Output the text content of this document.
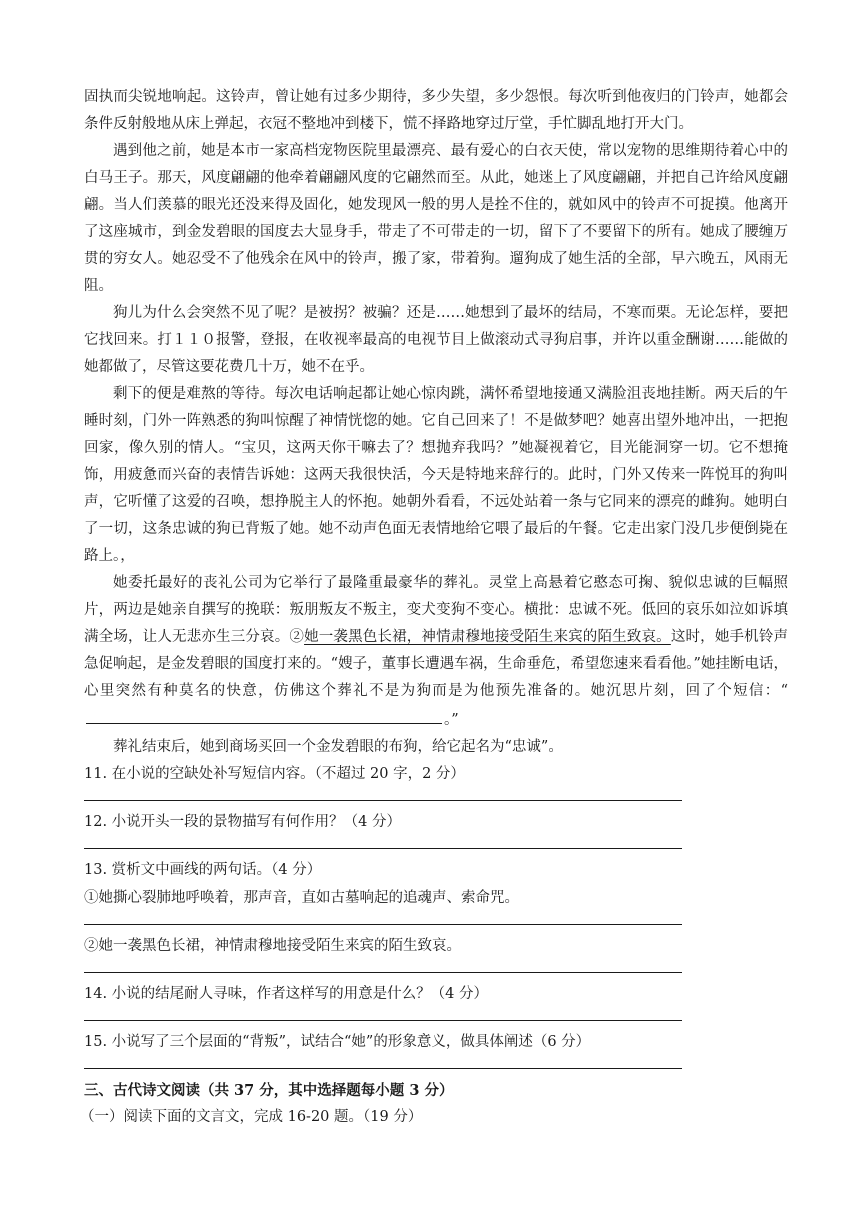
固执而尖锐地响起。这铃声，曾让她有过多少期待，多少失望，多少怨恨。每次听到他夜归的门铃声，她都会条件反射般地从床上弹起，衣冠不整地冲到楼下，慌不择路地穿过厅堂，手忙脚乱地打开大门。

遇到他之前，她是本市一家高档宠物医院里最漂亮、最有爱心的白衣天使，常以宠物的思维期待着心中的白马王子。那天，风度翩翩的他牵着翩翩风度的它翩然而至。从此，她迷上了风度翩翩，并把自己许给风度翩翩。当人们羡慕的眼光还没来得及固化，她发现风一般的男人是拴不住的，就如风中的铃声不可捉摸。他离开了这座城市，到金发碧眼的国度去大显身手，带走了不可带走的一切，留下了不要留下的所有。她成了腰缠万贯的穷女人。她忍受不了他残余在风中的铃声，搬了家，带着狗。遛狗成了她生活的全部，早六晚五，风雨无阻。

狗儿为什么会突然不见了呢？是被拐？被骗？还是……她想到了最坏的结局，不寒而栗。无论怎样，要把它找回来。打１１０报警，登报，在收视率最高的电视节目上做滚动式寻狗启事，并许以重金酬谢……能做的她都做了，尽管这要花费几十万，她不在乎。

剩下的便是难熬的等待。每次电话响起都让她心惊肉跳，满怀希望地接通又满脸沮丧地挂断。两天后的午睡时刻，门外一阵熟悉的狗叫惊醒了神情恍惚的她。它自己回来了！不是做梦吧？她喜出望外地冲出，一把抱回家，像久别的情人。“宝贝，这两天你干嘛去了？想抛弃我吗？”她凝视着它，目光能洞穿一切。它不想掩饰，用疲惫而兴奋的表情告诉她：这两天我很快活，今天是特地来辞行的。此时，门外又传来一阵悦耳的狗叫声，它听懂了这爱的召唤，想挣脱主人的怀抱。她朝外看看，不远处站着一条与它同来的漂亮的雌狗。她明白了一切，这条忠诚的狗已背叛了她。她不动声色面无表情地给它喂了最后的午餐。它走出家门没几步便倒毙在路上。，

她委托最好的丧礼公司为它举行了最隆重最豪华的葬礼。灵堂上高悬着它憨态可掬、貌似忠诚的巨幅照片，两边是她亲自撰写的挽联：叛朋叛友不叛主，变犬变狗不变心。横批：忠诚不死。低回的哀乐如泣如诉填满全场，让人无悲亦生三分哀。②她一袭黑色长裙，神情肃穆地接受陌生来宾的陌生致哀。这时，她手机铃声急促响起，是金发碧眼的国度打来的。“嫂子，董事长遭遇车祸，生命垂危，希望您速来看看他。”她挂断电话，心里突然有种莫名的快意，仿佛这个葬礼不是为狗而是为他预先准备的。她沉思片刻，回了个短信：“。”

葬礼结束后，她到商场买回一个金发碧眼的布狗，给它起名为“忠诚”。

11. 在小说的空缺处补写短信内容。（不超过 20 字，2 分）

12. 小说开头一段的景物描写有何作用？（4 分）

13. 赏析文中画线的两句话。（4 分）

①她撕心裂肺地呼唤着，那声音，直如古墓响起的追魂声、索命咒。

②她一袭黑色长裙，神情肃穆地接受陌生来宾的陌生致哀。

14. 小说的结尾耐人寻味，作者这样写的用意是什么？（4 分）

15. 小说写了三个层面的“背叛”，试结合“她”的形象意义，做具体阐述（6 分）

三、古代诗文阅读（共 37 分，其中选择题每小题 3 分）

（一）阅读下面的文言文，完成 16-20 题。（19 分）
